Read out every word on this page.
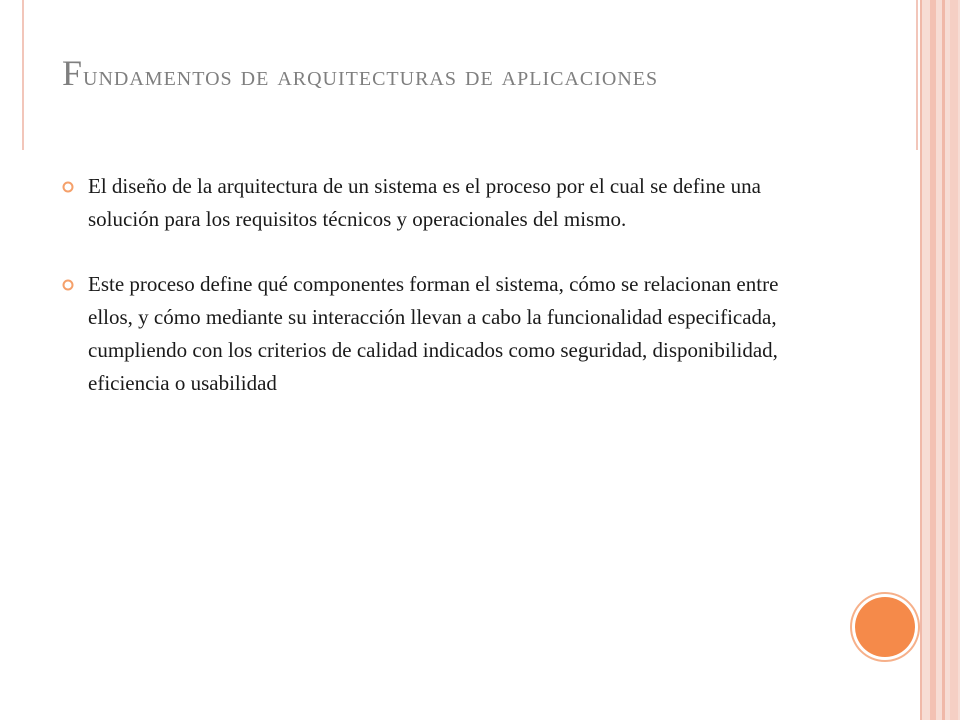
Fundamentos de arquitecturas de aplicaciones
El diseño de la arquitectura de un sistema es el proceso por el cual se define una solución para los requisitos técnicos y operacionales del mismo.
Este proceso define qué componentes forman el sistema, cómo se relacionan entre ellos, y cómo mediante su interacción llevan a cabo la funcionalidad especificada, cumpliendo con los criterios de calidad indicados como seguridad, disponibilidad, eficiencia o usabilidad
